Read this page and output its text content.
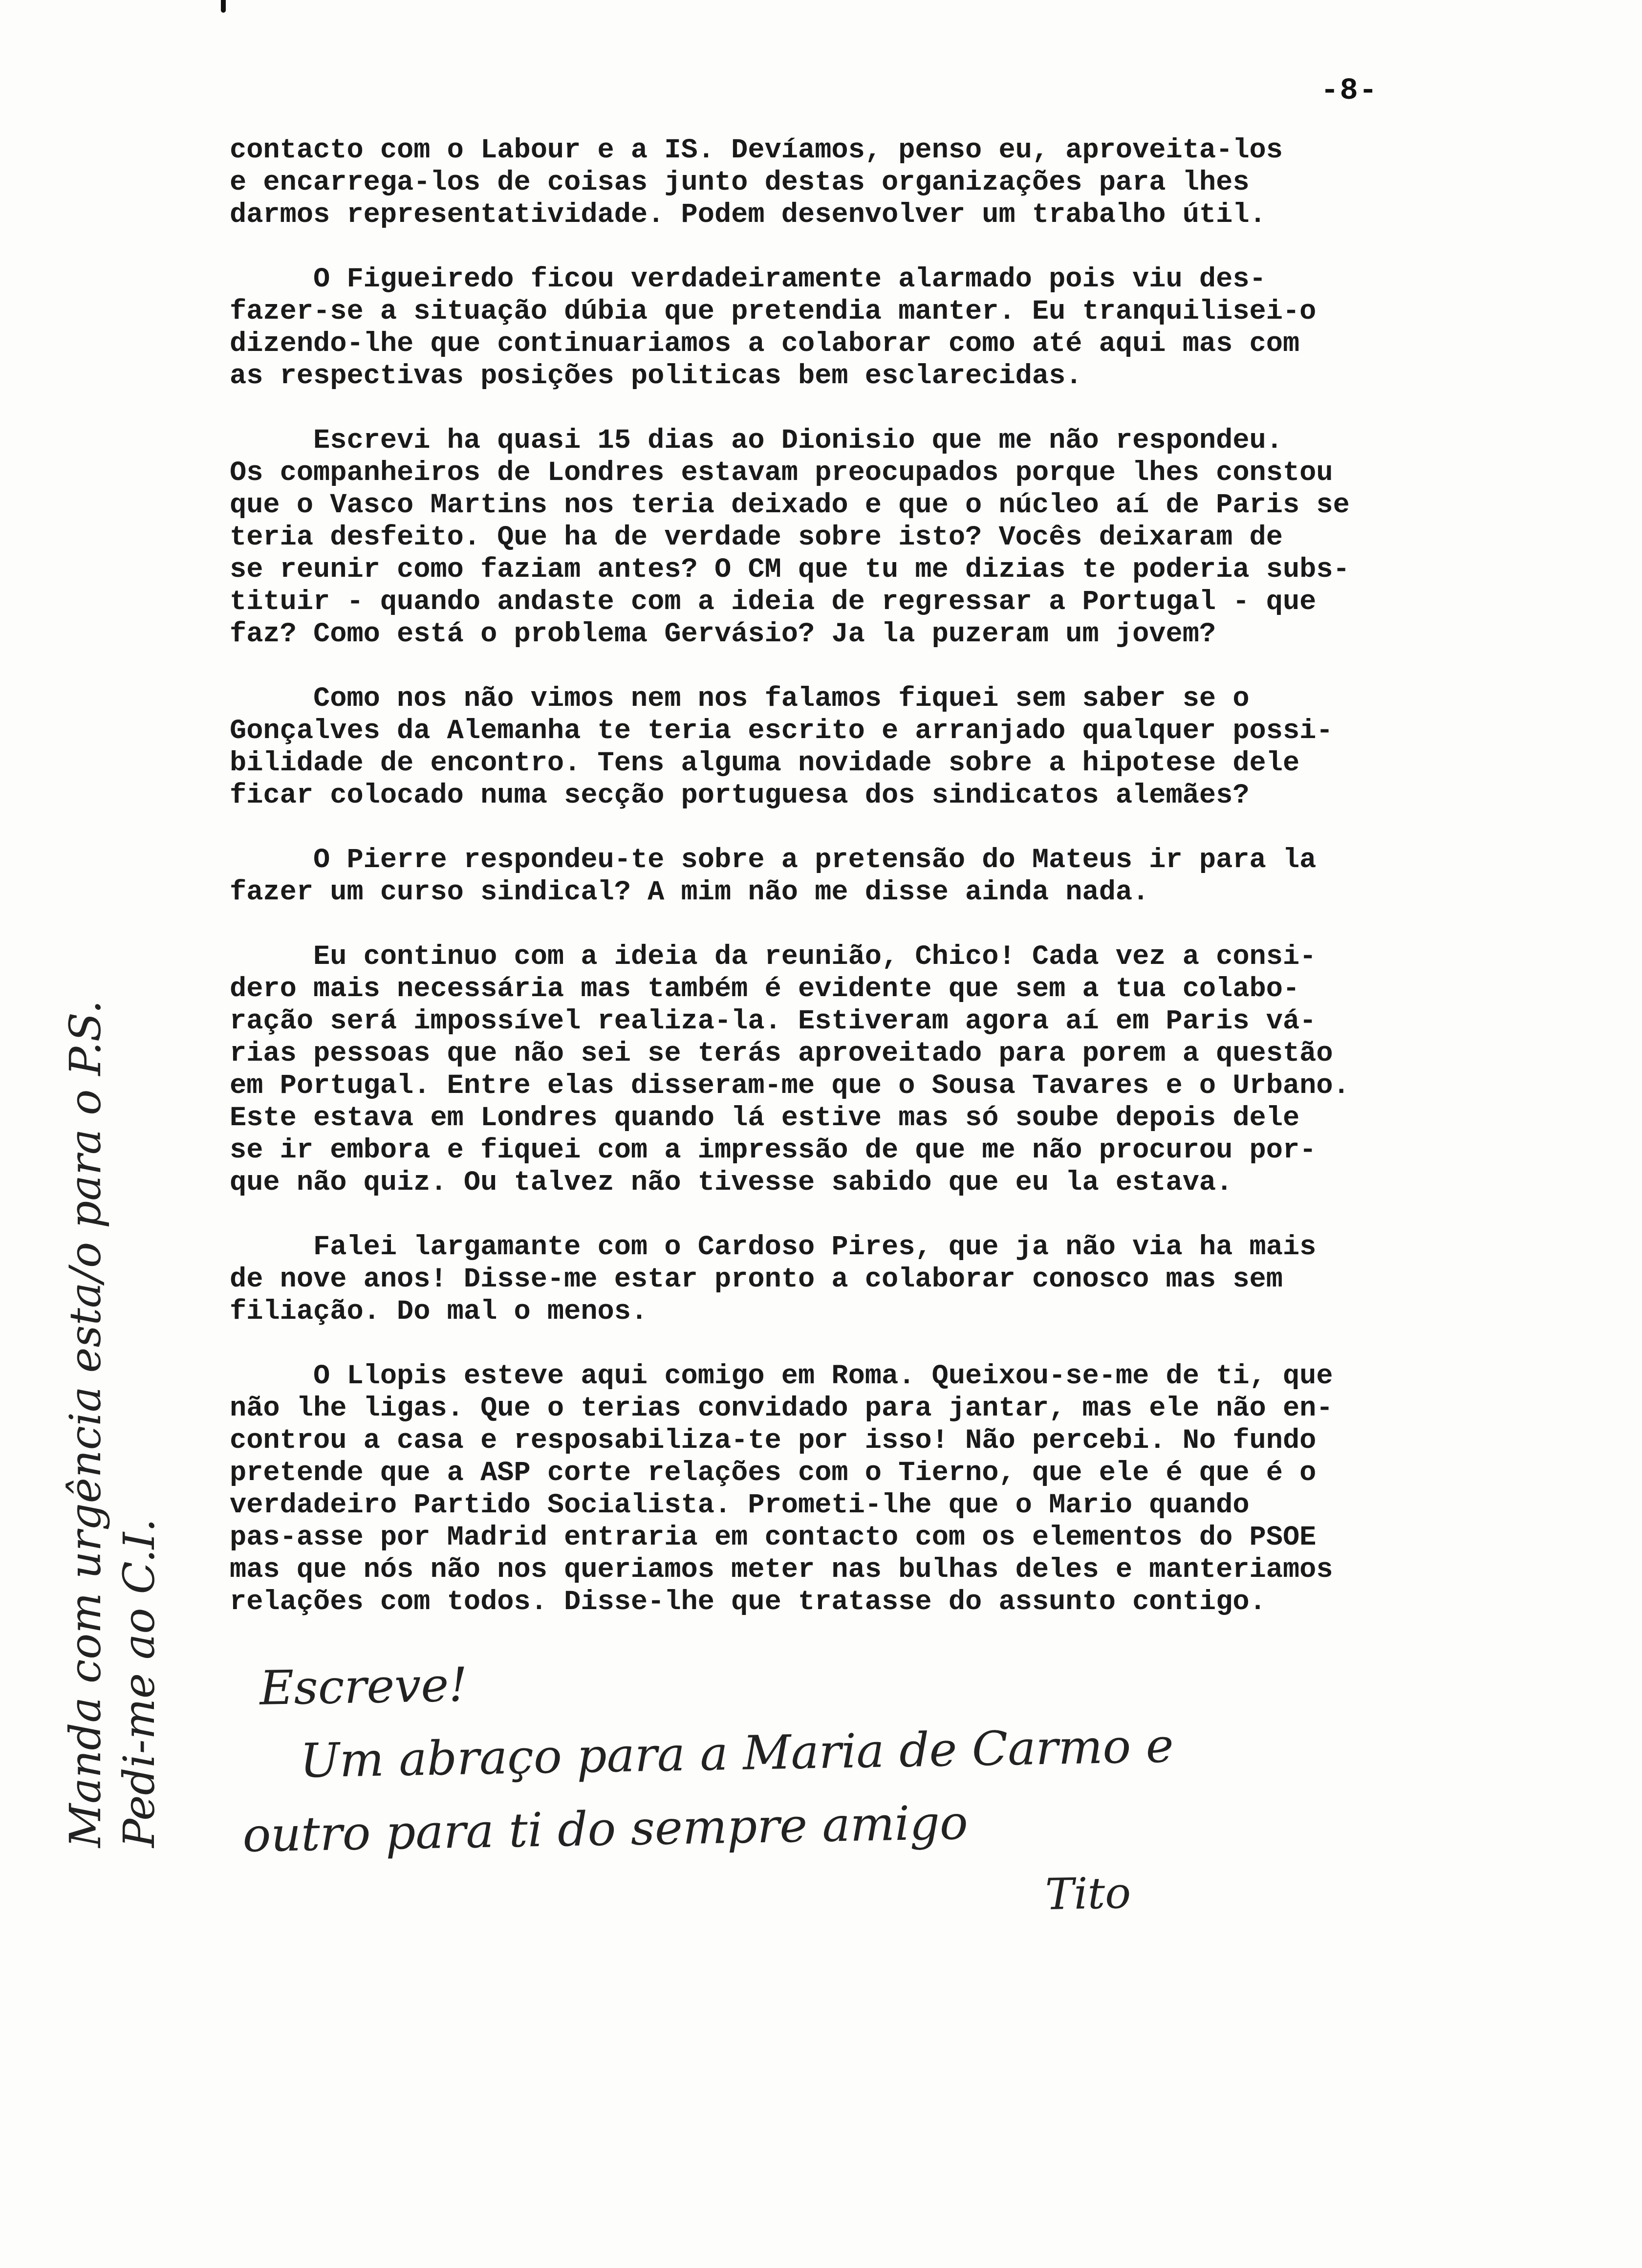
-8-
contacto com o Labour e a IS. Devíamos, penso eu, aproveita-los
e encarrega-los de coisas junto destas organizações para lhes
darmos representatividade. Podem desenvolver um trabalho útil.
O Figueiredo ficou verdadeiramente alarmado pois viu des-
fazer-se a situação dúbia que pretendia manter. Eu tranquilisei-o
dizendo-lhe que continuariamos a colaborar como até aqui mas com
as respectivas posições politicas bem esclarecidas.
Escrevi ha quasi 15 dias ao Dionisio que me não respondeu.
Os companheiros de Londres estavam preocupados porque lhes constou
que o Vasco Martins nos teria deixado e que o núcleo aí de Paris se
teria desfeito. Que ha de verdade sobre isto? Vocês deixaram de
se reunir como faziam antes? O CM que tu me dizias te poderia subs-
tituir - quando andaste com a ideia de regressar a Portugal - que
faz? Como está o problema Gervásio? Ja la puzeram um jovem?
Como nos não vimos nem nos falamos fiquei sem saber se o
Gonçalves da Alemanha te teria escrito e arranjado qualquer possi-
bilidade de encontro. Tens alguma novidade sobre a hipotese dele
ficar colocado numa secção portuguesa dos sindicatos alemães?
O Pierre respondeu-te sobre a pretensão do Mateus ir para la
fazer um curso sindical? A mim não me disse ainda nada.
Eu continuo com a ideia da reunião, Chico! Cada vez a consi-
dero mais necessária mas também é evidente que sem a tua colabo-
ração será impossível realiza-la. Estiveram agora aí em Paris vá-
rias pessoas que não sei se terás aproveitado para porem a questão
em Portugal. Entre elas disseram-me que o Sousa Tavares e o Urbano.
Este estava em Londres quando lá estive mas só soube depois dele
se ir embora e fiquei com a impressão de que me não procurou por-
que não quiz. Ou talvez não tivesse sabido que eu la estava.
Falei largamante com o Cardoso Pires, que ja não via ha mais
de nove anos! Disse-me estar pronto a colaborar conosco mas sem
filiação. Do mal o menos.
O Llopis esteve aqui comigo em Roma. Queixou-se-me de ti, que
não lhe ligas. Que o terias convidado para jantar, mas ele não en-
controu a casa e resposabiliza-te por isso! Não percebi. No fundo
pretende que a ASP corte relações com o Tierno, que ele é que é o
verdadeiro Partido Socialista. Prometi-lhe que o Mario quando
pas-asse por Madrid entraria em contacto com os elementos do PSOE
mas que nós não nos queriamos meter nas bulhas deles e manteriamos
relações com todos. Disse-lhe que tratasse do assunto contigo.
Escreve!
Um abraço para a Maria de Carmo e
outro para ti do sempre amigo
Tito
Manda com urgência esta/o para o P.S. Pedi-me ao C.I.
